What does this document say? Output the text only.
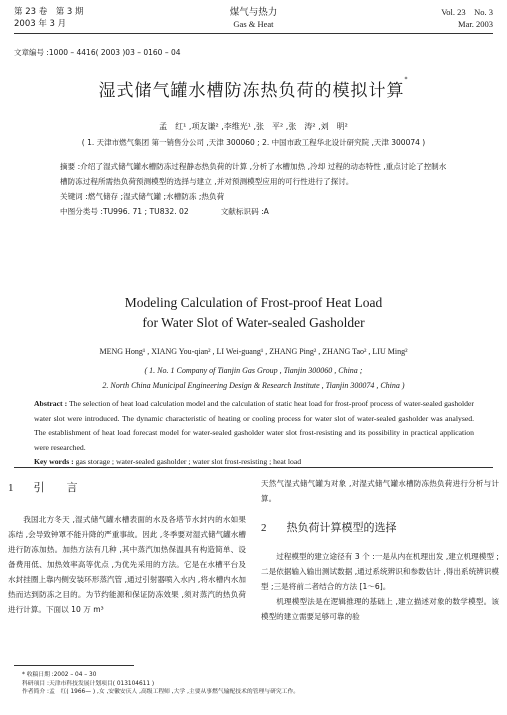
第 23 卷　第 3 期
2003 年 3 月
煤气与热力
Gas & Heat
Vol. 23　No. 3
Mar. 2003
文章编号 :1000 – 4416( 2003 )03 – 0160 – 04
湿式储气罐水槽防冻热负荷的模拟计算*
孟　红¹ ,项友谦² ,李维光¹ ,张　平² ,张　涛² ,刘　明²
( 1. 天津市燃气集团 第一销售分公司 ,天津 300060 ; 2. 中国市政工程华北设计研究院 ,天津 300074 )

摘要 :介绍了湿式储气罐水槽防冻过程静态热负荷的计算 ,分析了水槽加热 ,冷却 过程的动态特性 ,重点讨论了控制水槽防冻过程所需热负荷预测模型的选择与建立 ,并对预测模型应用的可行性进行了探讨。

关键词 :燃气储存 ;湿式储气罐 ;水槽防冻 ;热负荷

中图分类号 :TU996. 71 ; TU832. 02	文献标识码 :A

Modeling Calculation of Frost-proof Heat Load
for Water Slot of Water-sealed Gasholder
MENG Hong¹ , XIANG You-qian² , LI Wei-guang¹ , ZHANG Ping² , ZHANG Tao² , LIU Ming²
( 1. No. 1 Company of Tianjin Gas Group , Tianjin 300060 , China ;
2. North China Municipal Engineering Design & Research Institute , Tianjin 300074 , China )

Abstract : The selection of heat load calculation model and the calculation of static heat load for frost-proof process of water-sealed gasholder water slot were introduced. The dynamic characteristic of heating or cooling process for water slot of water-sealed gasholder was analysed. The establishment of heat load forecast model for water-sealed gasholder water slot frost-resisting and its possibility in practical application were researched.

Key words : gas storage ; water-sealed gasholder ; water slot frost-resisting ; heat load

1 引　　言

我国北方冬天 ,湿式储气罐水槽表面的水及各塔节水封内的水如果冻结 ,会导致钟罩不能升降的严重事故。因此 ,冬季要对湿式储气罐水槽进行防冻加热。加热方法有几种 ,其中蒸汽加热保温具有构造简单、设备费用低、加热效率高等优点 ,为优先采用的方法。它是在水槽平台及水封挂圈上靠内侧安装环形蒸汽管 ,通过引射器喷入水内 ,将水槽内水加热而达到防冻之目的。为节约能源和保证防冻效果 ,须对蒸汽的热负荷进行计算。下面以 10 万 m³

天然气湿式储气罐为对象 ,对湿式储气罐水槽防冻热负荷进行分析与计算。

2 热负荷计算模型的选择

过程模型的建立途径有 3 个 :一是从内在机理出发 ,建立机理模型 ;二是依据输入输出测试数据 ,通过系统辨识和参数估计 ,得出系统辨识模型 ;三是将前二者结合的方法 [1～6]。

机理模型法是在逻辑推理的基础上 ,建立描述对象的数学模型。该模型的建立需要足够可靠的验

* 收稿日期 :2002 – 04 – 30

科研项目 :天津市科技发展计划项目( 013104611 )

作者简介 :孟　红( 1966— ) ,女 ,安徽安庆人 ,高级工程师 ,大学 ,主要从事燃气输配技术的管理与研究工作。
